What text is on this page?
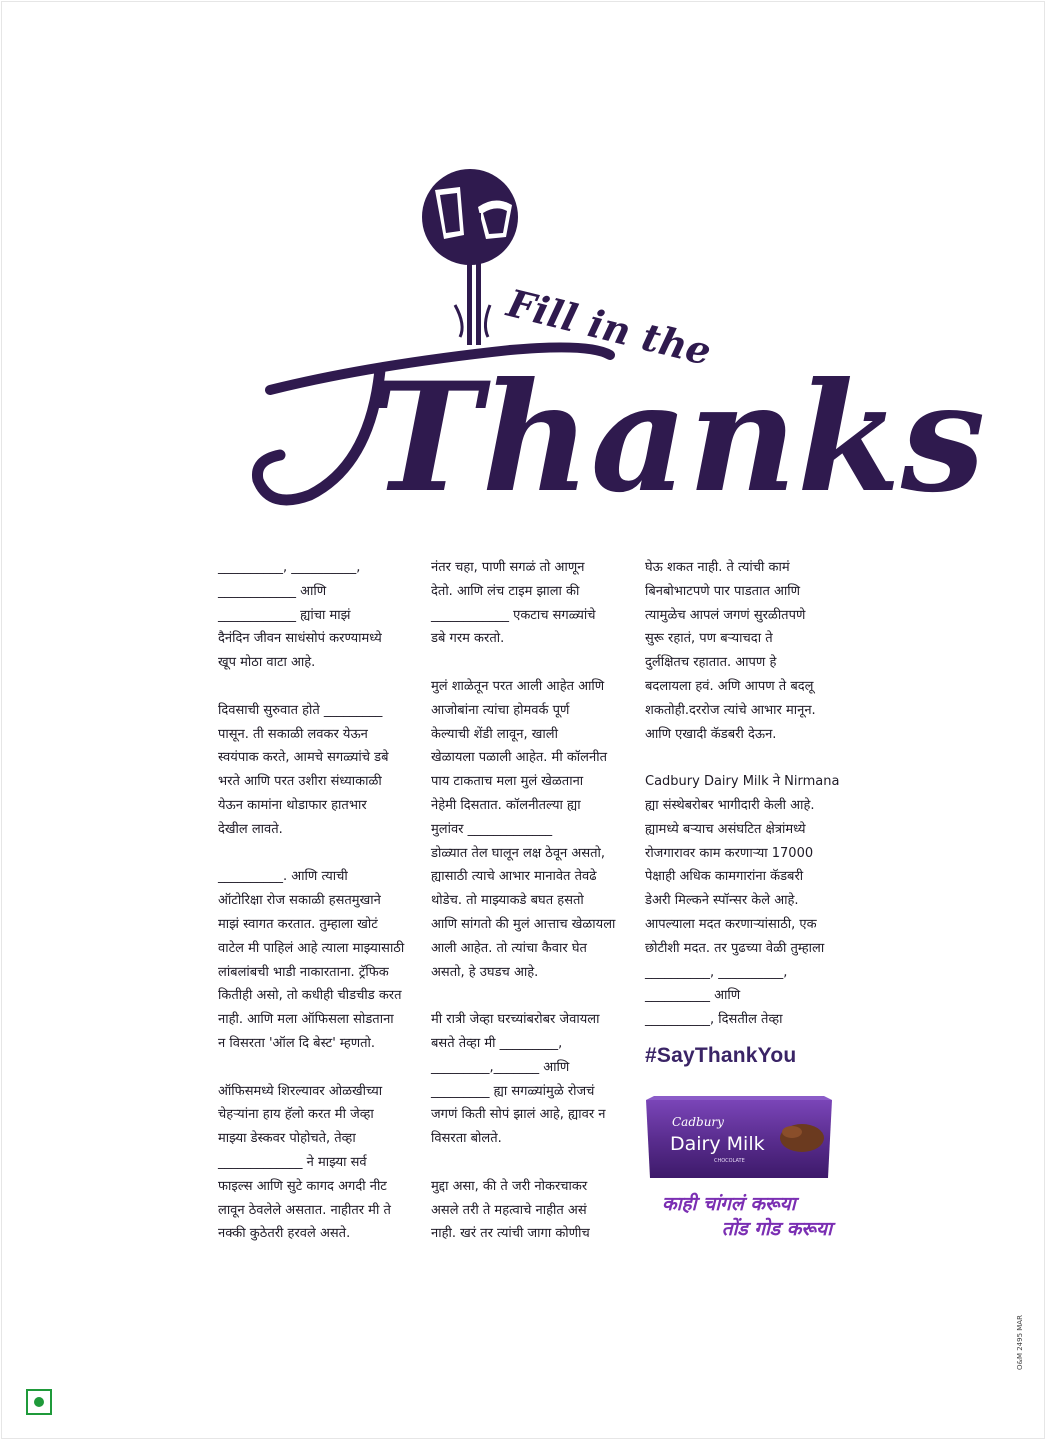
Fill in the
Thanks

__________, __________,
____________ आणि
____________ ह्यांचा माझं
दैनंदिन जीवन साधंसोपं करण्यामध्ये
खूप मोठा वाटा आहे.

दिवसाची सुरुवात होते _________
पासून. ती सकाळी लवकर येऊन
स्वयंपाक करते, आमचे सगळ्यांचे डबे
भरते आणि परत उशीरा संध्याकाळी
येऊन कामांना थोडाफार हातभार
देखील लावते.

__________. आणि त्याची
ऑटोरिक्षा रोज सकाळी हसतमुखाने
माझं स्वागत करतात. तुम्हाला खोटं
वाटेल मी पाहिलं आहे त्याला माझ्यासाठी
लांबलांबची भाडी नाकारताना. ट्रॅफिक
कितीही असो, तो कधीही चीडचीड करत
नाही. आणि मला ऑफिसला सोडताना
न विसरता 'ऑल दि बेस्ट' म्हणतो.

ऑफिसमध्ये शिरल्यावर ओळखीच्या
चेहऱ्यांना हाय हॅलो करत मी जेव्हा
माझ्या डेस्कवर पोहोचते, तेव्हा
_____________ ने माझ्या सर्व
फाइल्स आणि सुटे कागद अगदी नीट
लावून ठेवलेले असतात. नाहीतर मी ते
नक्की कुठेतरी हरवले असते.

नंतर चहा, पाणी सगळं तो आणून
देतो. आणि लंच टाइम झाला की
____________ एकटाच सगळ्यांचे
डबे गरम करतो.

मुलं शाळेतून परत आली आहेत आणि
आजोबांना त्यांचा होमवर्क पूर्ण
केल्याची शेंडी लावून, खाली
खेळायला पळाली आहेत. मी कॉलनीत
पाय टाकताच मला मुलं खेळताना
नेहेमी दिसतात. कॉलनीतल्या ह्या
मुलांवर _____________
डोळ्यात तेल घालून लक्ष ठेवून असतो,
ह्यासाठी त्याचे आभार मानावेत तेवढे
थोडेच. तो माझ्याकडे बघत हसतो
आणि सांगतो की मुलं आत्ताच खेळायला
आली आहेत. तो त्यांचा कैवार घेत
असतो, हे उघडच आहे.

मी रात्री जेव्हा घरच्यांबरोबर जेवायला
बसते तेव्हा मी _________,
_________,_______ आणि
_________ ह्या सगळ्यांमुळे रोजचं
जगणं किती सोपं झालं आहे, ह्यावर न
विसरता बोलते.

मुद्दा असा, की ते जरी नोकरचाकर
असले तरी ते महत्वाचे नाहीत असं
नाही. खरं तर त्यांची जागा कोणीच

घेऊ शकत नाही. ते त्यांची कामं
बिनबोभाटपणे पार पाडतात आणि
त्यामुळेच आपलं जगणं सुरळीतपणे
सुरू रहातं, पण बऱ्याचदा ते
दुर्लक्षितच रहातात. आपण हे
बदलायला हवं. अणि आपण ते बदलू
शकतोही.दररोज त्यांचे आभार मानून.
आणि एखादी कॅडबरी देऊन.

Cadbury Dairy Milk ने Nirmana
ह्या संस्थेबरोबर भागीदारी केली आहे.
ह्यामध्ये बऱ्याच असंघटित क्षेत्रांमध्ये
रोजगारावर काम करणाऱ्या 17000
पेक्षाही अधिक कामगारांना कॅडबरी
डेअरी मिल्कने स्पॉन्सर केले आहे.
आपल्याला मदत करणाऱ्यांसाठी, एक
छोटीशी मदत. तर पुढच्या वेळी तुम्हाला
__________, __________,
__________ आणि
__________, दिसतील तेव्हा

#SayThankYou
Cadbury
Dairy Milk
CHOCOLATE
काही चांगलं करूया
तोंड गोड करूया
O&M 2495 MAR
